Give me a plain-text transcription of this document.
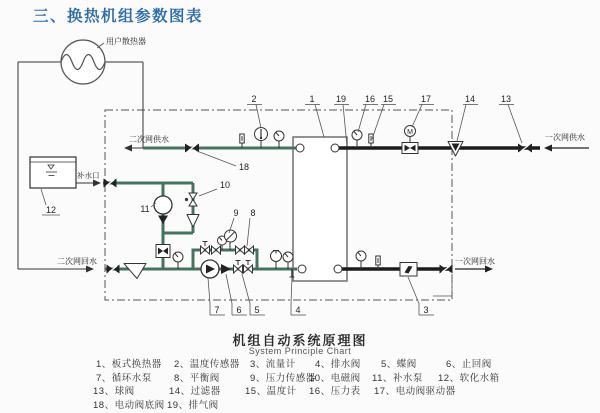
三、换热机组参数图表
用户散热器
二次网供水
M
一次网供水
一次网回水
二次网回水
补水口
2	1 19 16 15	17	14	13
18
10
11	9 8
12
7 6 5	4	3
机组自动系统原理图
System Principle Chart
1、板式换热器 2、温度传感器 3、流量计 4、排水阀 5、蝶阀	6、止回阀
7、循环水泵 8、平衡阀	9、压力传感器
10、电磁阀 11、补水泵 12、软化水箱
13、球阀	14、过滤器	15、温度计 16、压力表 17、电动阀驱动器
18、电动阀底阀 19、排气阀
